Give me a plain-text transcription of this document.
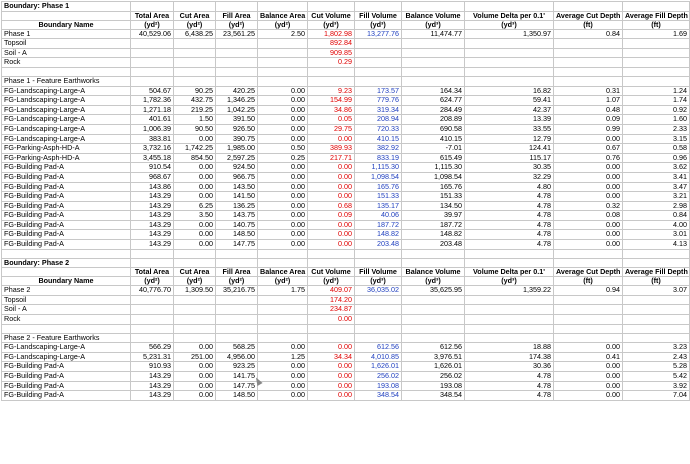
Boundary: Phase 1										
	Total Area	Cut Area	Fill Area	Balance Area	Cut Volume	Fill Volume	Balance Volume	Volume Delta per 0.1'	Average Cut Depth	Average Fill Depth
Boundary Name	(yd²)	(yd²)	(yd²)	(yd²)	(yd³)	(yd³)	(yd³)	(yd³)	(ft)	(ft)
Phase 1	40,529.06	6,438.25	23,561.25	2.50	1,802.98	13,277.76	11,474.77	1,350.97	0.84	1.69
Topsoil					892.84					
Soil - A					909.85					
Rock					0.29					

Phase 1 - Feature Earthworks										
FG-Landscaping-Large-A	504.67	90.25	420.25	0.00	9.23	173.57	164.34	16.82	0.31	1.24
FG-Landscaping-Large-A	1,782.36	432.75	1,346.25	0.00	154.99	779.76	624.77	59.41	1.07	1.74
FG-Landscaping-Large-A	1,271.18	219.25	1,042.25	0.00	34.86	319.34	284.49	42.37	0.48	0.92
FG-Landscaping-Large-A	401.61	1.50	391.50	0.00	0.05	208.94	208.89	13.39	0.09	1.60
FG-Landscaping-Large-A	1,006.39	90.50	926.50	0.00	29.75	720.33	690.58	33.55	0.99	2.33
FG-Landscaping-Large-A	383.81	0.00	390.75	0.00	0.00	410.15	410.15	12.79	0.00	3.15
FG-Parking-Asph-HD-A	3,732.16	1,742.25	1,985.00	0.50	389.93	382.92	-7.01	124.41	0.67	0.58
FG-Parking-Asph-HD-A	3,455.18	854.50	2,597.25	0.25	217.71	833.19	615.49	115.17	0.76	0.96
FG-Building Pad-A	910.54	0.00	924.50	0.00	0.00	1,115.30	1,115.30	30.35	0.00	3.62
FG-Building Pad-A	968.67	0.00	966.75	0.00	0.00	1,098.54	1,098.54	32.29	0.00	3.41
FG-Building Pad-A	143.86	0.00	143.50	0.00	0.00	165.76	165.76	4.80	0.00	3.47
FG-Building Pad-A	143.29	0.00	141.50	0.00	0.00	151.33	151.33	4.78	0.00	3.21
FG-Building Pad-A	143.29	6.25	136.25	0.00	0.68	135.17	134.50	4.78	0.32	2.98
FG-Building Pad-A	143.29	3.50	143.75	0.00	0.09	40.06	39.97	4.78	0.08	0.84
FG-Building Pad-A	143.29	0.00	140.75	0.00	0.00	187.72	187.72	4.78	0.00	4.00
FG-Building Pad-A	143.29	0.00	148.50	0.00	0.00	148.82	148.82	4.78	0.00	3.01
FG-Building Pad-A	143.29	0.00	147.75	0.00	0.00	203.48	203.48	4.78	0.00	4.13

Boundary: Phase 2										
	Total Area	Cut Area	Fill Area	Balance Area	Cut Volume	Fill Volume	Balance Volume	Volume Delta per 0.1'	Average Cut Depth	Average Fill Depth
Boundary Name	(yd²)	(yd²)	(yd²)	(yd²)	(yd³)	(yd³)	(yd³)	(yd³)	(ft)	(ft)
Phase 2	40,776.70	1,309.50	35,216.75	1.75	409.07	36,035.02	35,625.95	1,359.22	0.94	3.07
Topsoil					174.20					
Soil - A					234.87					
Rock					0.00					

Phase 2 - Feature Earthworks										
FG-Landscaping-Large-A	566.29	0.00	568.25	0.00	0.00	612.56	612.56	18.88	0.00	3.23
FG-Landscaping-Large-A	5,231.31	251.00	4,956.00	1.25	34.34	4,010.85	3,976.51	174.38	0.41	2.43
FG-Building Pad-A	910.93	0.00	923.25	0.00	0.00	1,626.01	1,626.01	30.36	0.00	5.28
FG-Building Pad-A	143.29	0.00	141.75	0.00	0.00	256.02	256.02	4.78	0.00	5.42
FG-Building Pad-A	143.29	0.00	147.75	0.00	0.00	193.08	193.08	4.78	0.00	3.92
FG-Building Pad-A	143.29	0.00	148.50	0.00	0.00	348.54	348.54	4.78	0.00	7.04
